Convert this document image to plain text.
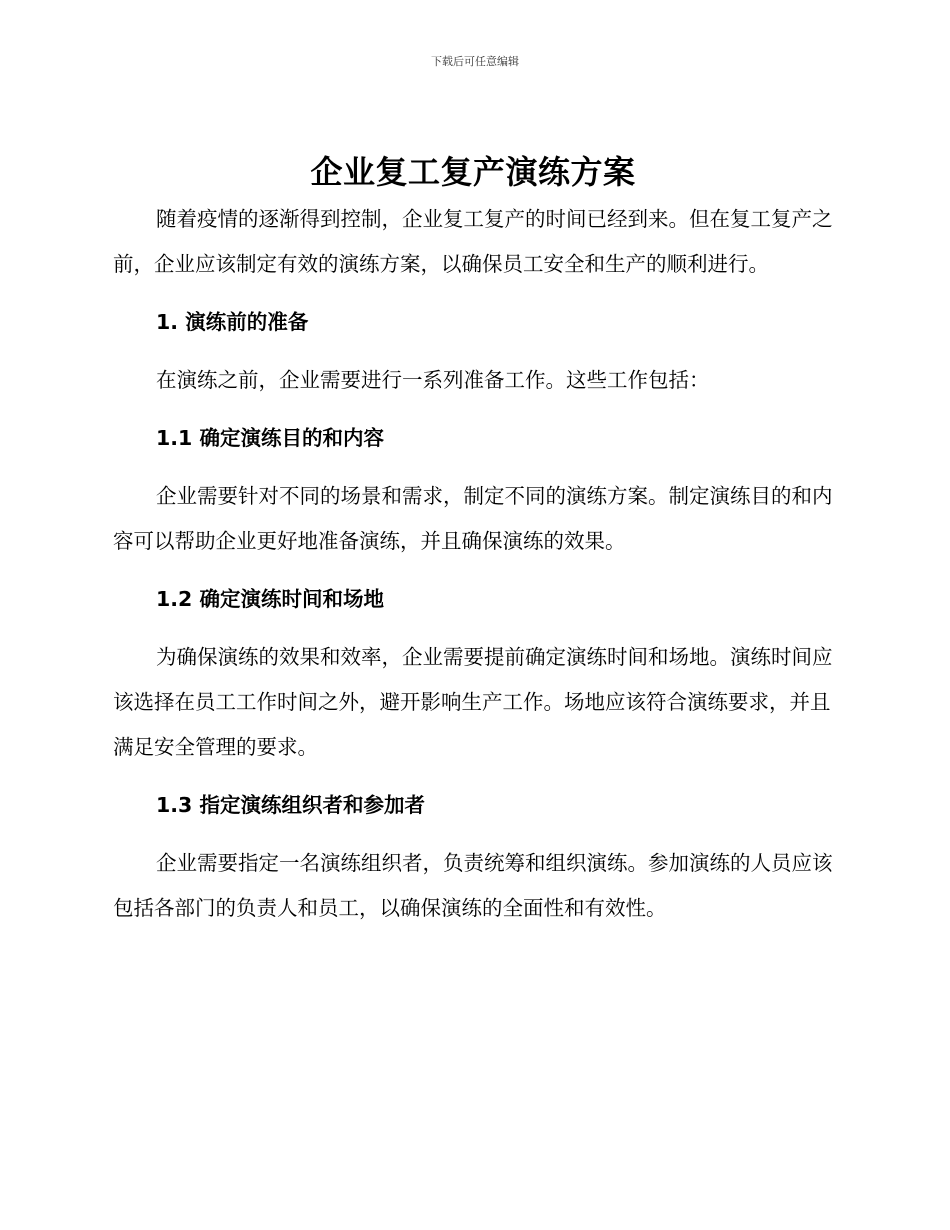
下载后可任意编辑
企业复工复产演练方案

随着疫情的逐渐得到控制，企业复工复产的时间已经到来。但在复工复产之前，企业应该制定有效的演练方案，以确保员工安全和生产的顺利进行。

1. 演练前的准备

在演练之前，企业需要进行一系列准备工作。这些工作包括：

1.1 确定演练目的和内容

企业需要针对不同的场景和需求，制定不同的演练方案。制定演练目的和内容可以帮助企业更好地准备演练，并且确保演练的效果。

1.2 确定演练时间和场地

为确保演练的效果和效率，企业需要提前确定演练时间和场地。演练时间应该选择在员工工作时间之外，避开影响生产工作。场地应该符合演练要求，并且满足安全管理的要求。

1.3 指定演练组织者和参加者

企业需要指定一名演练组织者，负责统筹和组织演练。参加演练的人员应该包括各部门的负责人和员工，以确保演练的全面性和有效性。
